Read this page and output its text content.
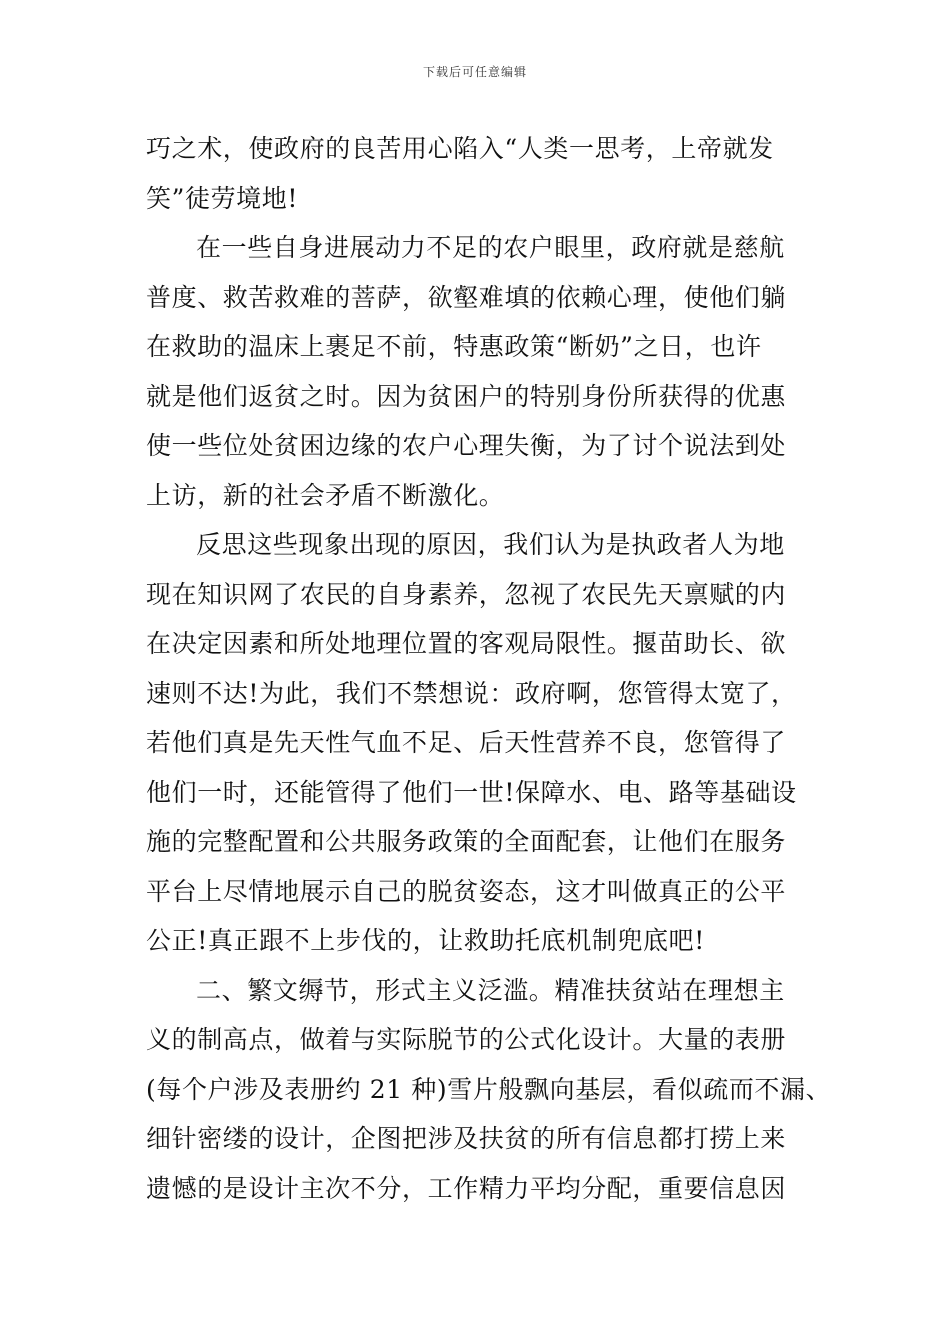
下载后可任意编辑
巧之术，使政府的良苦用心陷入“人类一思考，上帝就发
笑”徒劳境地!
在一些自身进展动力不足的农户眼里，政府就是慈航
普度、救苦救难的菩萨，欲壑难填的依赖心理，使他们躺
在救助的温床上裹足不前，特惠政策“断奶”之日，也许
就是他们返贫之时。因为贫困户的特别身份所获得的优惠
使一些位处贫困边缘的农户心理失衡，为了讨个说法到处
上访，新的社会矛盾不断激化。
反思这些现象出现的原因，我们认为是执政者人为地
现在知识网了农民的自身素养，忽视了农民先天禀赋的内
在决定因素和所处地理位置的客观局限性。揠苗助长、欲
速则不达!为此，我们不禁想说：政府啊，您管得太宽了，
若他们真是先天性气血不足、后天性营养不良，您管得了
他们一时，还能管得了他们一世!保障水、电、路等基础设
施的完整配置和公共服务政策的全面配套，让他们在服务
平台上尽情地展示自己的脱贫姿态，这才叫做真正的公平
公正!真正跟不上步伐的，让救助托底机制兜底吧!
二、繁文缛节，形式主义泛滥。精准扶贫站在理想主
义的制高点，做着与实际脱节的公式化设计。大量的表册
(每个户涉及表册约 21 种)雪片般飘向基层，看似疏而不漏、
细针密缕的设计，企图把涉及扶贫的所有信息都打捞上来
遗憾的是设计主次不分，工作精力平均分配，重要信息因
